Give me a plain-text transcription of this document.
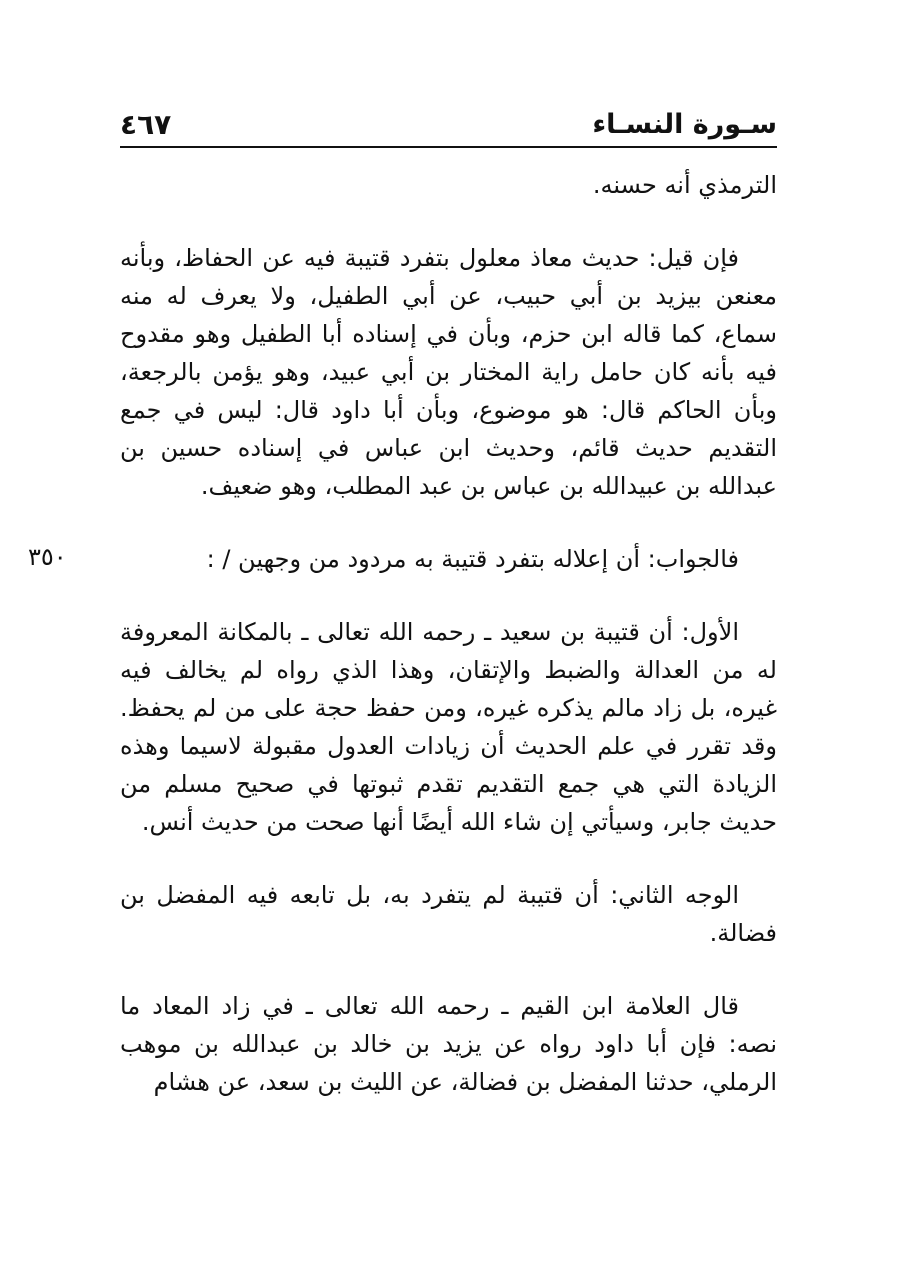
سـورة النسـاء
٤٦٧
٣٥٠

الترمذي أنه حسنه.

فإن قيل: حديث معاذ معلول بتفرد قتيبة فيه عن الحفاظ، وبأنه معنعن بيزيد بن أبي حبيب، عن أبي الطفيل، ولا يعرف له منه سماع، كما قاله ابن حزم، وبأن في إسناده أبا الطفيل وهو مقدوح فيه بأنه كان حامل راية المختار بن أبي عبيد، وهو يؤمن بالرجعة، وبأن الحاكم قال: هو موضوع، وبأن أبا داود قال: ليس في جمع التقديم حديث قائم، وحديث ابن عباس في إسناده حسين بن عبدالله بن عبيدالله بن عباس بن عبد المطلب، وهو ضعيف.

فالجواب: أن إعلاله بتفرد قتيبة به مردود من وجهين / :

الأول: أن قتيبة بن سعيد ـ رحمه الله تعالى ـ بالمكانة المعروفة له من العدالة والضبط والإتقان، وهذا الذي رواه لم يخالف فيه غيره، بل زاد مالم يذكره غيره، ومن حفظ حجة على من لم يحفظ. وقد تقرر في علم الحديث أن زيادات العدول مقبولة لاسيما وهذه الزيادة التي هي جمع التقديم تقدم ثبوتها في صحيح مسلم من حديث جابر، وسيأتي إن شاء الله أيضًا أنها صحت من حديث أنس.

الوجه الثاني: أن قتيبة لم يتفرد به، بل تابعه فيه المفضل بن فضالة.

قال العلامة ابن القيم ـ رحمه الله تعالى ـ في زاد المعاد ما نصه: فإن أبا داود رواه عن يزيد بن خالد بن عبدالله بن موهب الرملي، حدثنا المفضل بن فضالة، عن الليث بن سعد، عن هشام
